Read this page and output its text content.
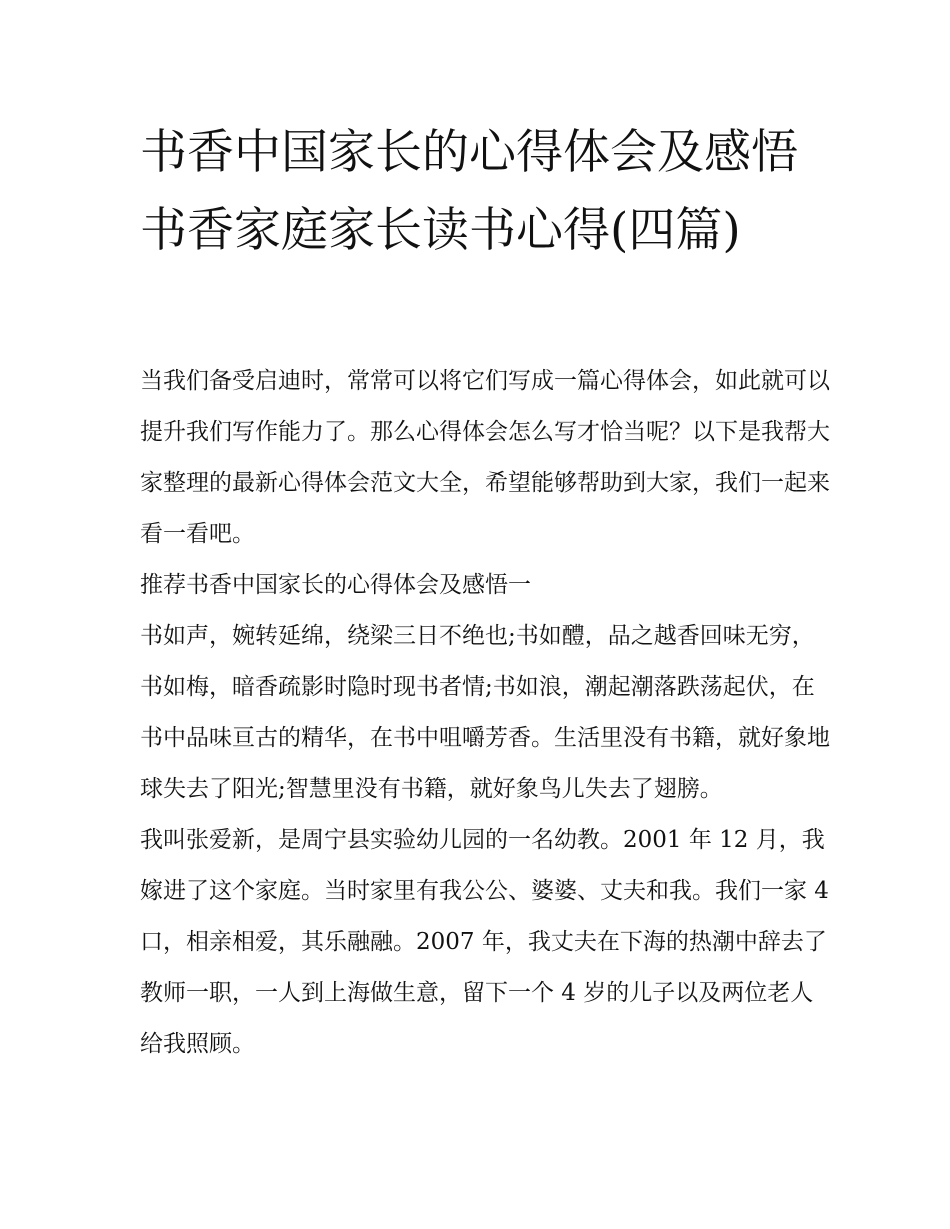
书香中国家长的心得体会及感悟 书香家庭家长读书心得(四篇)

当我们备受启迪时，常常可以将它们写成一篇心得体会，如此就可以提升我们写作能力了。那么心得体会怎么写才恰当呢？以下是我帮大家整理的最新心得体会范文大全，希望能够帮助到大家，我们一起来看一看吧。

推荐书香中国家长的心得体会及感悟一

书如声，婉转延绵，绕梁三日不绝也;书如醴，品之越香回味无穷，书如梅，暗香疏影时隐时现书者情;书如浪，潮起潮落跌荡起伏，在书中品味亘古的精华，在书中咀嚼芳香。生活里没有书籍，就好象地球失去了阳光;智慧里没有书籍，就好象鸟儿失去了翅膀。

我叫张爱新，是周宁县实验幼儿园的一名幼教。2001 年 12 月，我嫁进了这个家庭。当时家里有我公公、婆婆、丈夫和我。我们一家 4 口，相亲相爱，其乐融融。2007 年，我丈夫在下海的热潮中辞去了教师一职，一人到上海做生意，留下一个 4 岁的儿子以及两位老人给我照顾。
